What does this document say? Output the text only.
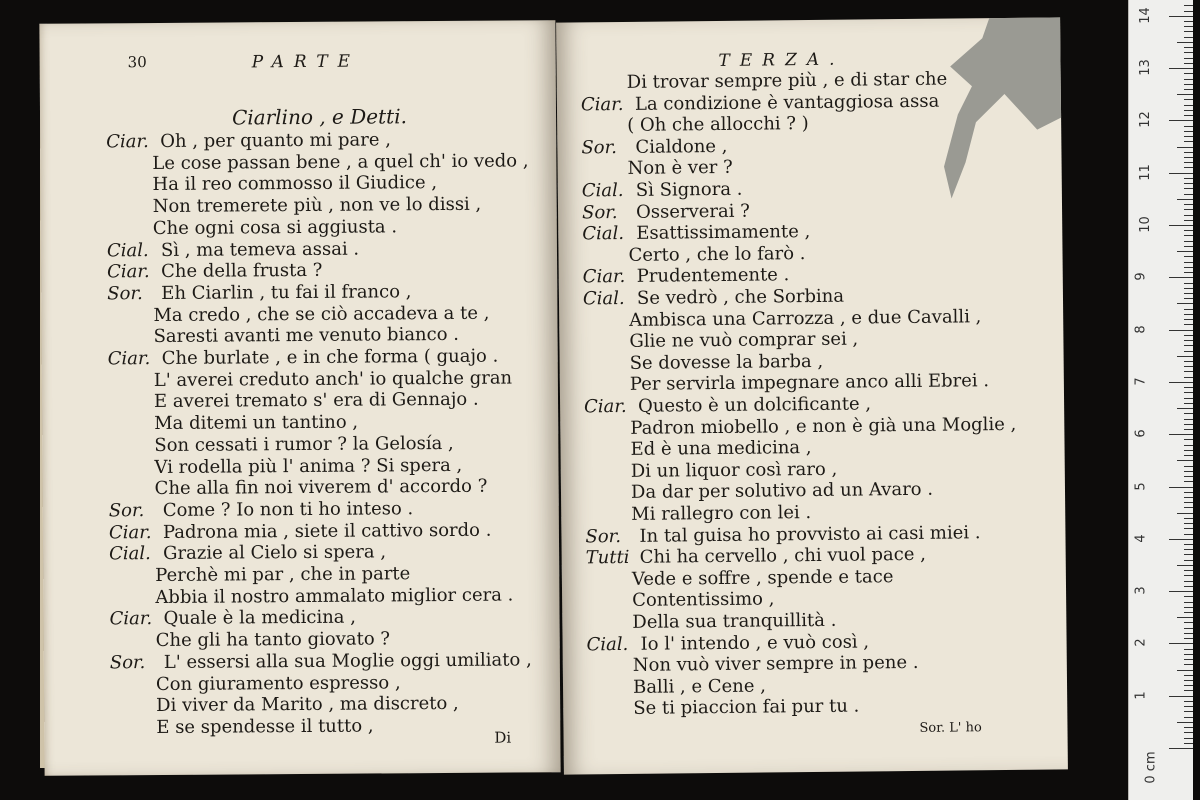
30	PARTE
Ciarlino , e Detti.
Ciar. Oh , per quanto mi pare ,
Le cose passan bene , a quel ch' io vedo ,
Ha il reo commosso il Giudice ,
Non tremerete più , non ve lo dissi ,
Che ogni cosa si aggiusta .
Cial. Sì , ma temeva assai .
Ciar. Che della frusta ?
Sor. Eh Ciarlin , tu fai il franco ,
Ma credo , che se ciò accadeva a te ,
Saresti avanti me venuto bianco .
Ciar. Che burlate , e in che forma ( guajo .
L' averei creduto anch' io qualche gran
E averei tremato s' era di Gennajo .
Ma ditemi un tantino ,
Son cessati i rumor ? la Gelosía ,
Vi rodella più l' anima ? Si spera ,
Che alla fin noi viverem d' accordo ?
Sor. Come ? Io non ti ho inteso .
Ciar. Padrona mia , siete il cattivo sordo .
Cial. Grazie al Cielo si spera ,
Perchè mi par , che in parte
Abbia il nostro ammalato miglior cera .
Ciar. Quale è la medicina ,
Che gli ha tanto giovato ?
Sor. L' essersi alla sua Moglie oggi umiliato ,
Con giuramento espresso ,
Di viver da Marito , ma discreto ,
E se spendesse il tutto ,	Di
TERZA.
Di trovar sempre più , e di star che
Ciar. La condizione è vantaggiosa assa
( Oh che allocchi ? )
Sor. Cialdone ,
Non è ver ?
Cial. Sì Signora .
Sor. Osserverai ?
Cial. Esattissimamente ,
Certo , che lo farò .
Ciar. Prudentemente .
Cial. Se vedrò , che Sorbina
Ambisca una Carrozza , e due Cavalli ,
Glie ne vuò comprar sei ,
Se dovesse la barba ,
Per servirla impegnare anco alli Ebrei .
Ciar. Questo è un dolcificante ,
Padron miobello , e non è già una Moglie ,
Ed è una medicina ,
Di un liquor così raro ,
Da dar per solutivo ad un Avaro .
Mi rallegro con lei .
Sor. In tal guisa ho provvisto ai casi miei .
Tutti Chi ha cervello , chi vuol pace ,
Vede e soffre , spende e tace
Contentissimo ,
Della sua tranquillità .
Cial. Io l' intendo , e vuò così ,
Non vuò viver sempre in pene .
Balli , e Cene ,
Se ti piaccion fai pur tu .
Sor. L' ho
1
2
3
4
5
6
7
8
9
10
11
12
13
14
0 cm
